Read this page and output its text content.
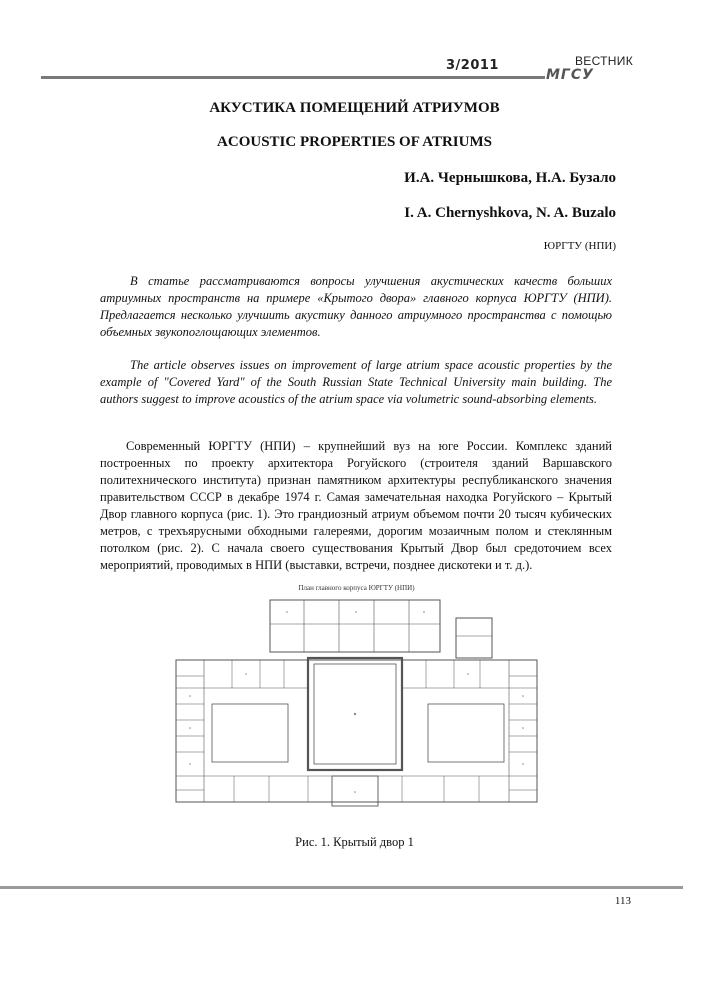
3/2011	ВЕСТНИК
МГСУ
АКУСТИКА ПОМЕЩЕНИЙ АТРИУМОВ
ACOUSTIC PROPERTIES OF ATRIUMS
И.А. Чернышкова, Н.А. Бузало
I. A. Chernyshkova, N. A. Buzalo
ЮРГТУ (НПИ)

В статье рассматриваются вопросы улучшения акустических качеств больших атриумных пространств на примере «Крытого двора» главного корпуса ЮРГТУ (НПИ). Предлагается несколько улучшить акустику данного атриумного пространства с помощью объемных звукопоглощающих элементов.

The article observes issues on improvement of large atrium space acoustic properties by the example of "Covered Yard" of the South Russian State Technical University main building. The authors suggest to improve acoustics of the atrium space via volumetric sound-absorbing elements.

Современный ЮРГТУ (НПИ) – крупнейший вуз на юге России. Комплекс зданий построенных по проекту архитектора Рогуйского (строителя зданий Варшавского политехнического института) признан памятником архитектуры республиканского значения правительством СССР в декабре 1974 г. Самая замечательная находка Рогуйского – Крытый Двор главного корпуса (рис. 1). Это грандиозный атриум объемом почти 20 тысяч кубических метров, с трехъярусными обходными галереями, дорогим мозаичным полом и стеклянным потолком (рис. 2). С начала своего существования Крытый Двор был средоточием всех мероприятий, проводимых в НПИ (выставки, встречи, позднее дискотеки и т. д.).

План главного корпуса ЮРГТУ (НПИ)
Рис. 1. Крытый двор 1
113
